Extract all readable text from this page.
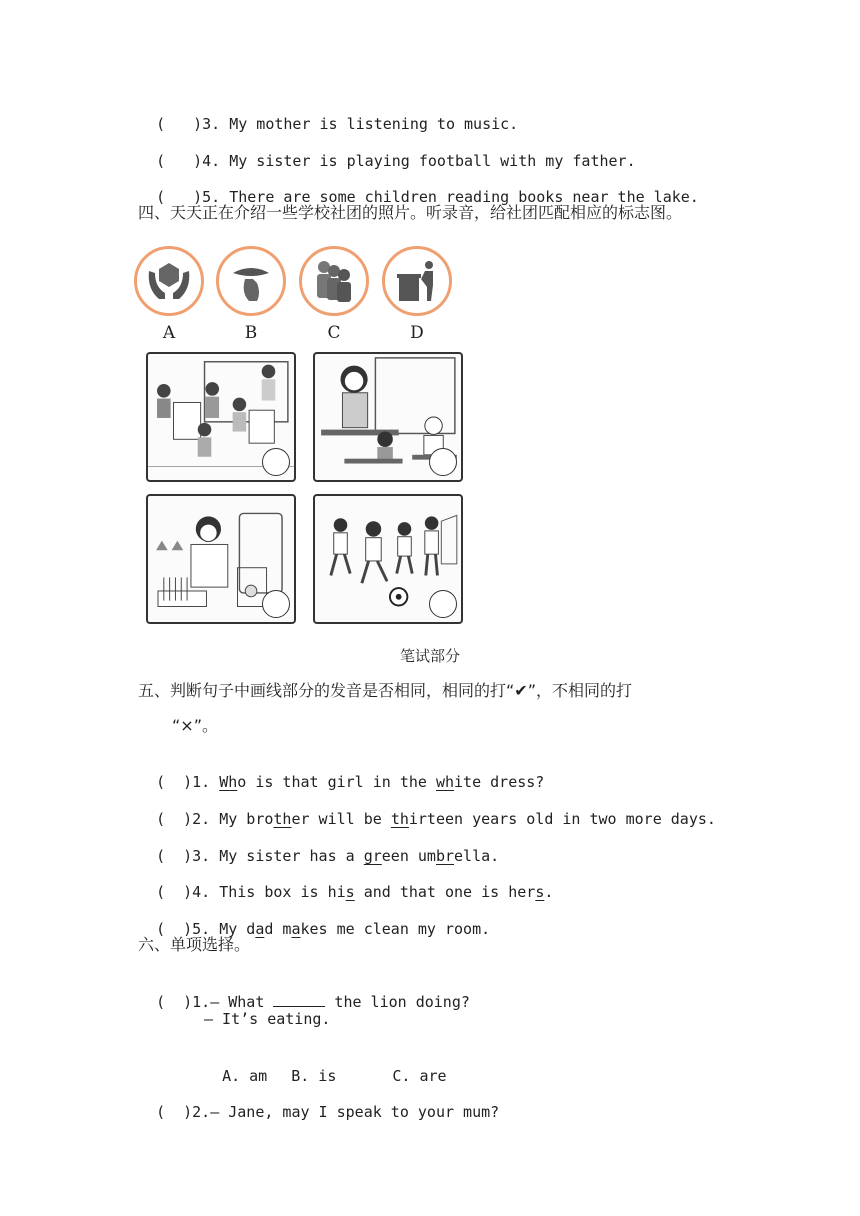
( )3. My mother is listening to music.

( )4. My sister is playing football with my father.

( )5. There are some children reading books near the lake.

四、天天正在介绍一些学校社团的照片。听录音，给社团匹配相应的标志图。
A	B	C	D
笔试部分
五、判断句子中画线部分的发音是否相同，相同的打“✔”，不相同的打
“×”。

( )1. Who is that girl in the white dress?

( )2. My brother will be thirteen years old in two more days.

( )3. My sister has a green umbrella.

( )4. This box is his and that one is hers.

( )5. My dad makes me clean my room.

六、单项选择。

( )1.— What	the lion doing?

— It’s eating.

A. am B. is	C. are

( )2.— Jane, may I speak to your mum?
